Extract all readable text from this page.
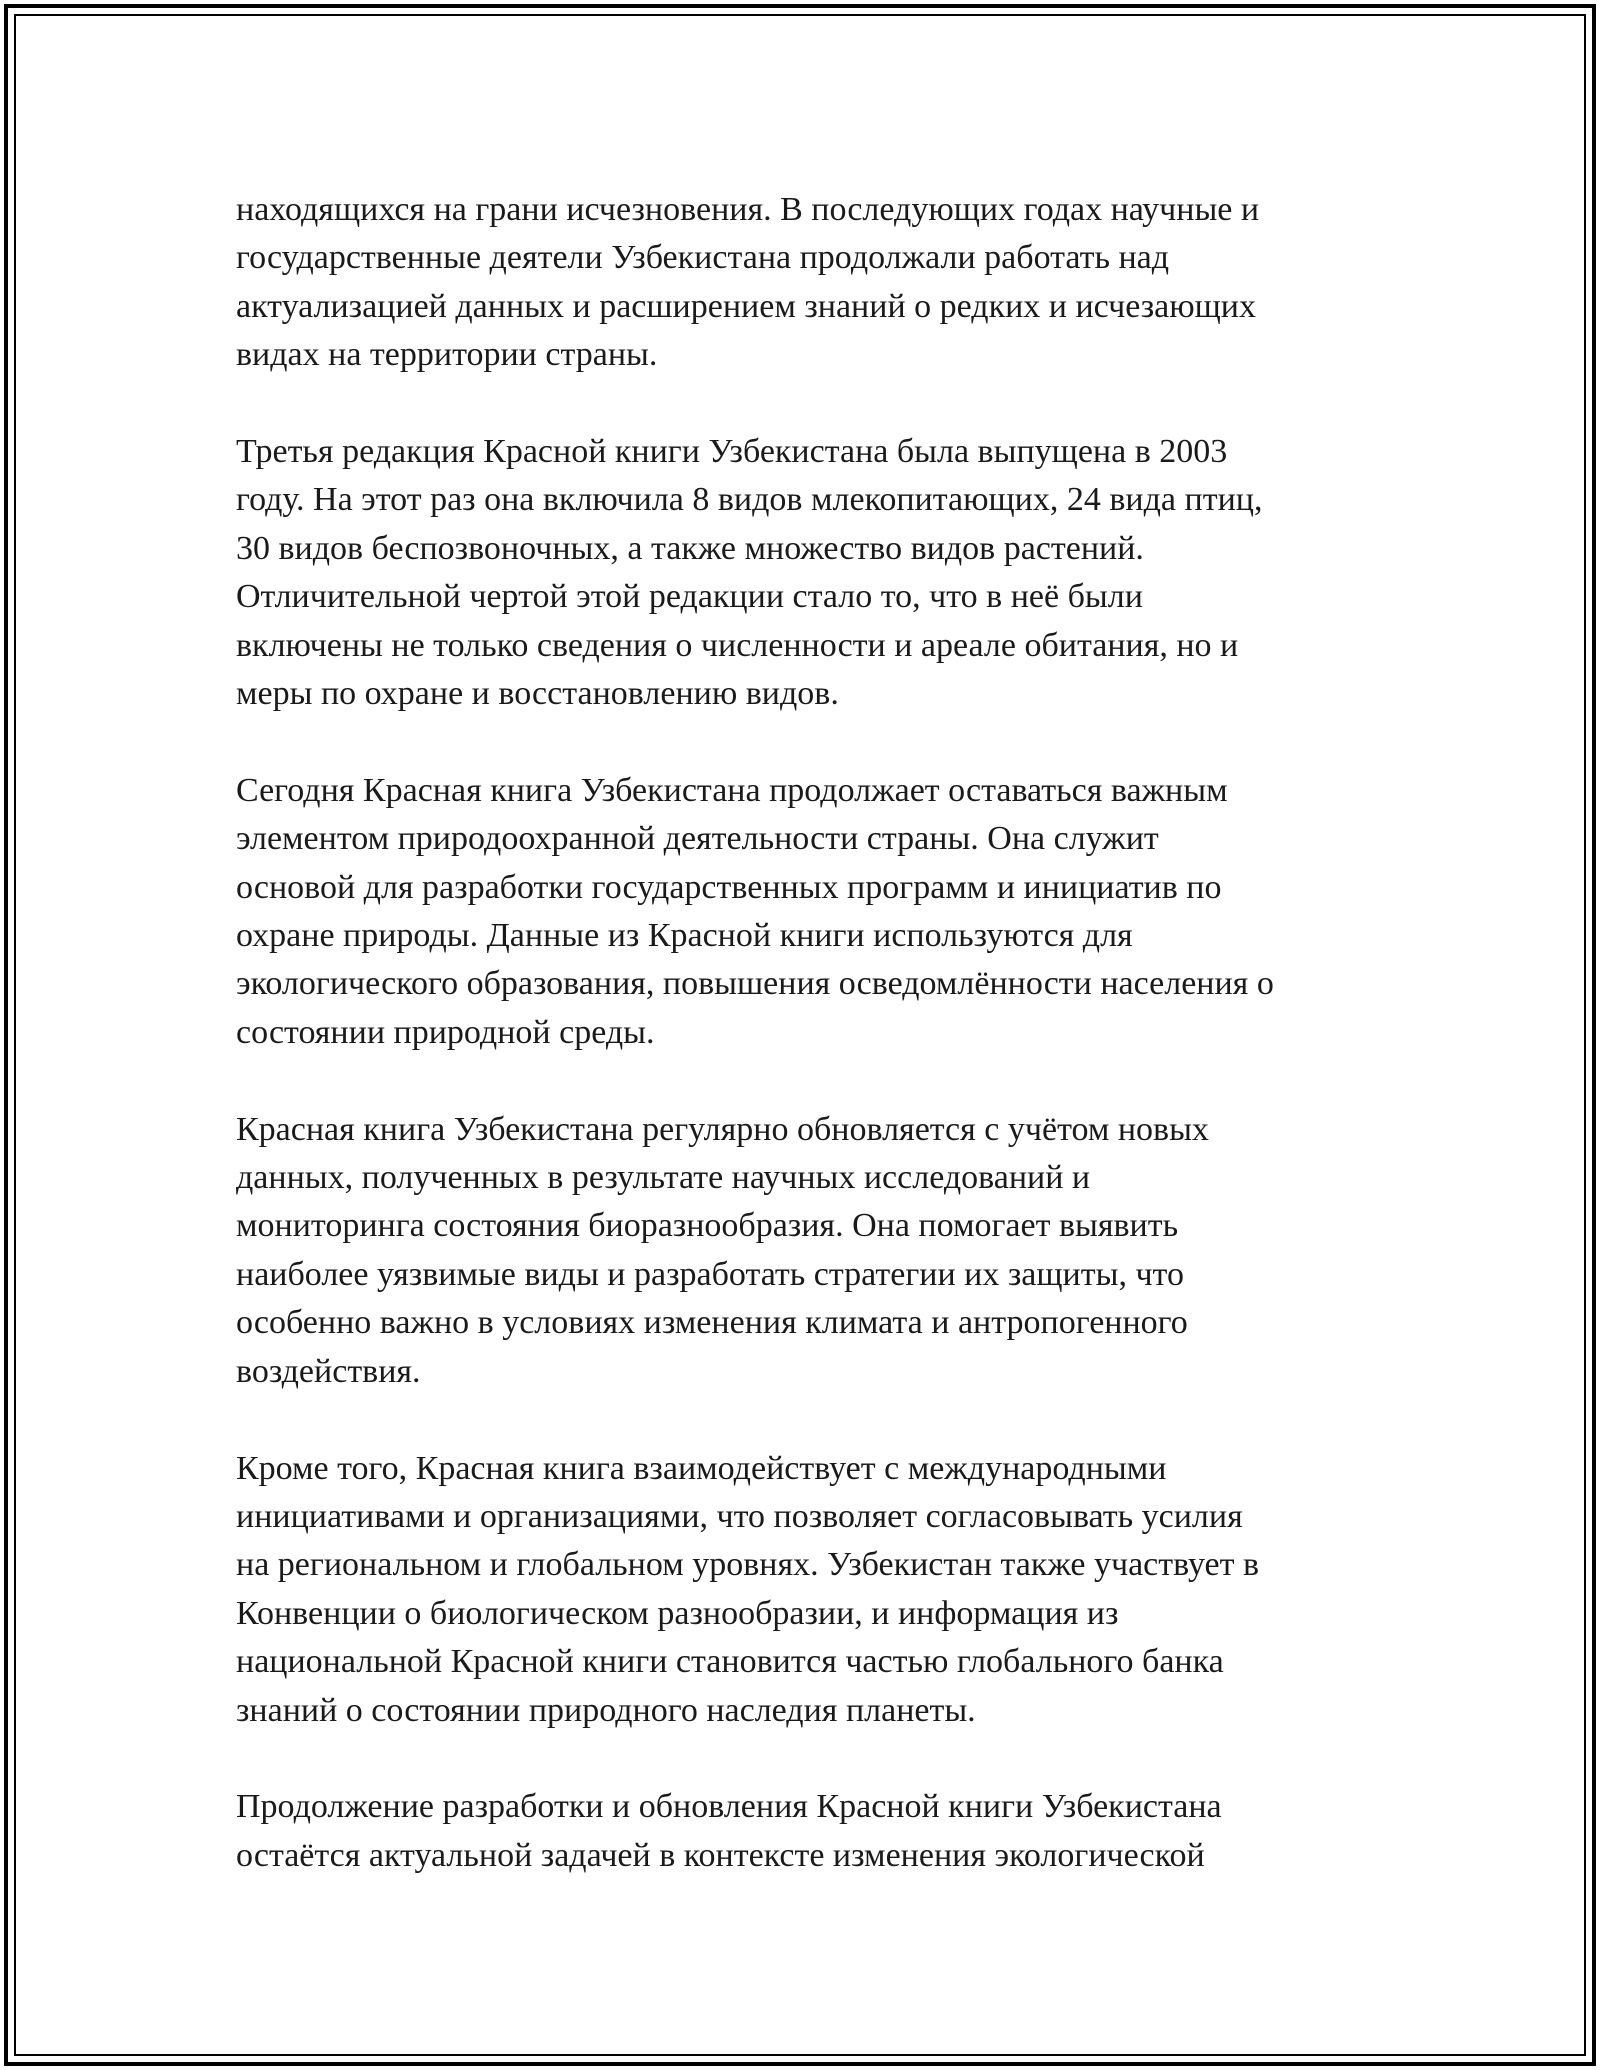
находящихся на грани исчезновения. В последующих годах научные и
государственные деятели Узбекистана продолжали работать над
актуализацией данных и расширением знаний о редких и исчезающих
видах на территории страны.

Третья редакция Красной книги Узбекистана была выпущена в 2003
году. На этот раз она включила 8 видов млекопитающих, 24 вида птиц,
30 видов беспозвоночных, а также множество видов растений.
Отличительной чертой этой редакции стало то, что в неё были
включены не только сведения о численности и ареале обитания, но и
меры по охране и восстановлению видов.

Сегодня Красная книга Узбекистана продолжает оставаться важным
элементом природоохранной деятельности страны. Она служит
основой для разработки государственных программ и инициатив по
охране природы. Данные из Красной книги используются для
экологического образования, повышения осведомлённости населения о
состоянии природной среды.

Красная книга Узбекистана регулярно обновляется с учётом новых
данных, полученных в результате научных исследований и
мониторинга состояния биоразнообразия. Она помогает выявить
наиболее уязвимые виды и разработать стратегии их защиты, что
особенно важно в условиях изменения климата и антропогенного
воздействия.

Кроме того, Красная книга взаимодействует с международными
инициативами и организациями, что позволяет согласовывать усилия
на региональном и глобальном уровнях. Узбекистан также участвует в
Конвенции о биологическом разнообразии, и информация из
национальной Красной книги становится частью глобального банка
знаний о состоянии природного наследия планеты.

Продолжение разработки и обновления Красной книги Узбекистана
остаётся актуальной задачей в контексте изменения экологической
